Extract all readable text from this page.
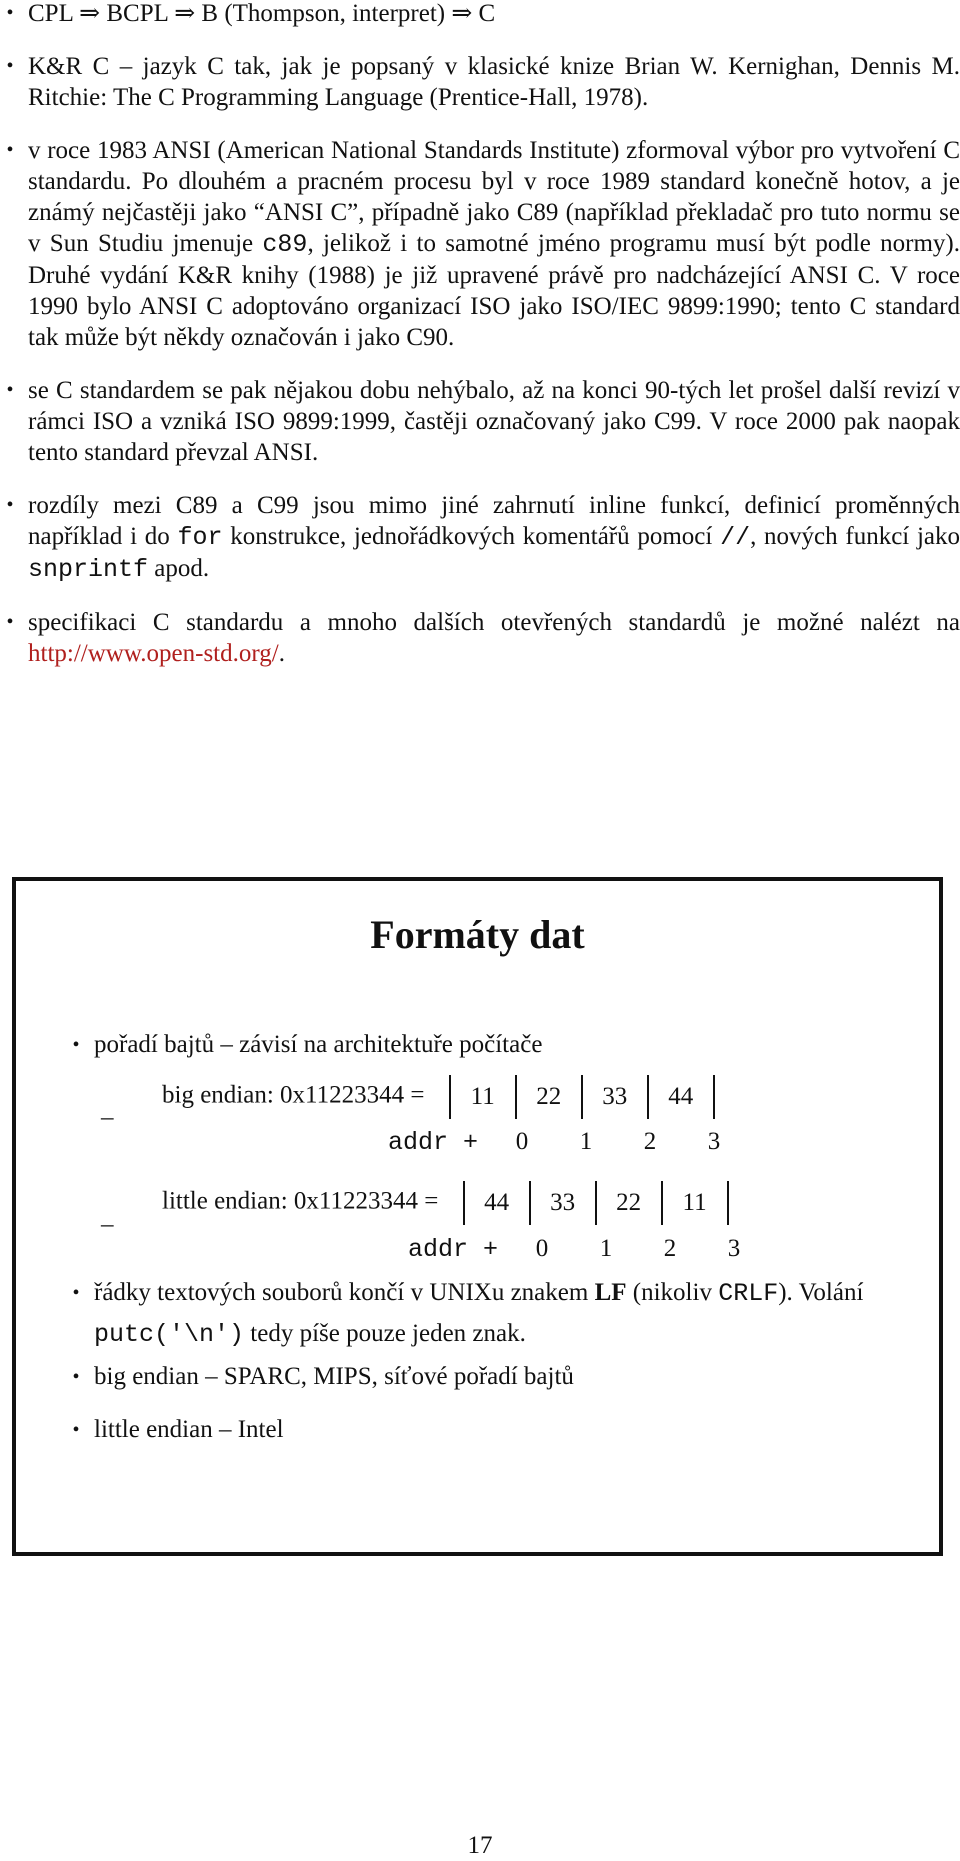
• CPL ⇒ BCPL ⇒ B (Thompson, interpret) ⇒ C
• K&R C – jazyk C tak, jak je popsaný v klasické knize Brian W. Kernighan, Dennis M. Ritchie: The C Programming Language (Prentice-Hall, 1978).
• v roce 1983 ANSI (American National Standards Institute) zformoval výbor pro vytvoření C standardu. Po dlouhém a pracném procesu byl v roce 1989 standard konečně hotov, a je známý nejčastěji jako “ANSI C”, případně jako C89 (například překladač pro tuto normu se v Sun Studiu jmenuje c89, jelikož i to samotné jméno programu musí být podle normy). Druhé vydání K&R knihy (1988) je již upravené právě pro nadcházející ANSI C. V roce 1990 bylo ANSI C adoptováno organizací ISO jako ISO/IEC 9899:1990; tento C standard tak může být někdy označován i jako C90.
• se C standardem se pak nějakou dobu nehýbalo, až na konci 90-tých let prošel další revizí v rámci ISO a vzniká ISO 9899:1999, častěji označovaný jako C99. V roce 2000 pak naopak tento standard převzal ANSI.
• rozdíly mezi C89 a C99 jsou mimo jiné zahrnutí inline funkcí, definicí proměnných například i do for konstrukce, jednořádkových komentářů pomocí //, nových funkcí jako snprintf apod.
• specifikaci C standardu a mnoho dalších otevřených standardů je možné nalézt na http://www.open-std.org/.
Formáty dat
• pořadí bajtů – závisí na architektuře počítače
–
big endian: 0x11223344 = 11 22 33 44
addr + 0 1 2 3
–
little endian: 0x11223344 = 44 33 22 11
addr + 0 1 2 3
• řádky textových souborů končí v UNIXu znakem LF (nikoliv CRLF). Volání putc('\n') tedy píše pouze jeden znak.
• big endian – SPARC, MIPS, síťové pořadí bajtů
• little endian – Intel
17
